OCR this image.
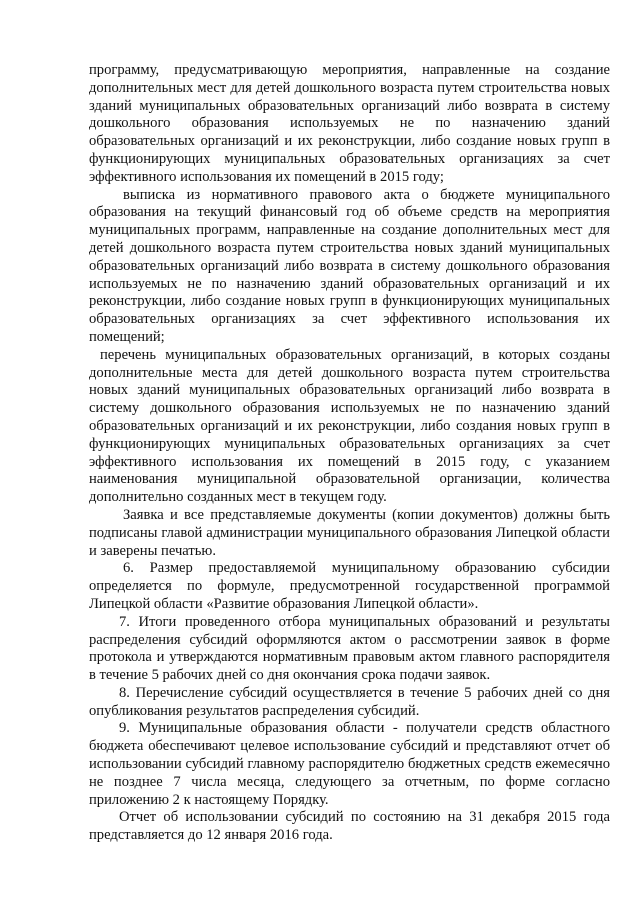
программу, предусматривающую мероприятия, направленные на создание дополнительных мест для детей дошкольного возраста путем строительства новых зданий муниципальных образовательных организаций либо возврата в систему дошкольного образования используемых не по назначению зданий образовательных организаций и их реконструкции, либо создание новых групп в функционирующих муниципальных образовательных организациях за счет эффективного использования их помещений в 2015 году;

выписка из нормативного правового акта о бюджете муниципального образования на текущий финансовый год об объеме средств на мероприятия муниципальных программ, направленные на создание дополнительных мест для детей дошкольного возраста путем строительства новых зданий муниципальных образовательных организаций либо возврата в систему дошкольного образования используемых не по назначению зданий образовательных организаций и их реконструкции, либо создание новых групп в функционирующих муниципальных образовательных организациях за счет эффективного использования их помещений;

перечень муниципальных образовательных организаций, в которых созданы дополнительные места для детей дошкольного возраста путем строительства новых зданий муниципальных образовательных организаций либо возврата в систему дошкольного образования используемых не по назначению зданий образовательных организаций и их реконструкции, либо создания новых групп в функционирующих муниципальных образовательных организациях за счет эффективного использования их помещений в 2015 году, с указанием наименования муниципальной образовательной организации, количества дополнительно созданных мест в текущем году.

Заявка и все представляемые документы (копии документов) должны быть подписаны главой администрации муниципального образования Липецкой области и заверены печатью.

6. Размер предоставляемой муниципальному образованию субсидии определяется по формуле, предусмотренной государственной программой Липецкой области «Развитие образования Липецкой области».

7. Итоги проведенного отбора муниципальных образований и результаты распределения субсидий оформляются актом о рассмотрении заявок в форме протокола и утверждаются нормативным правовым актом главного распорядителя в течение 5 рабочих дней со дня окончания срока подачи заявок.

8. Перечисление субсидий осуществляется в течение 5 рабочих дней со дня опубликования результатов распределения субсидий.

9. Муниципальные образования области - получатели средств областного бюджета обеспечивают целевое использование субсидий и представляют отчет об использовании субсидий главному распорядителю бюджетных средств ежемесячно не позднее 7 числа месяца, следующего за отчетным, по форме согласно приложению 2 к настоящему Порядку.

Отчет об использовании субсидий по состоянию на 31 декабря 2015 года представляется до 12 января 2016 года.
